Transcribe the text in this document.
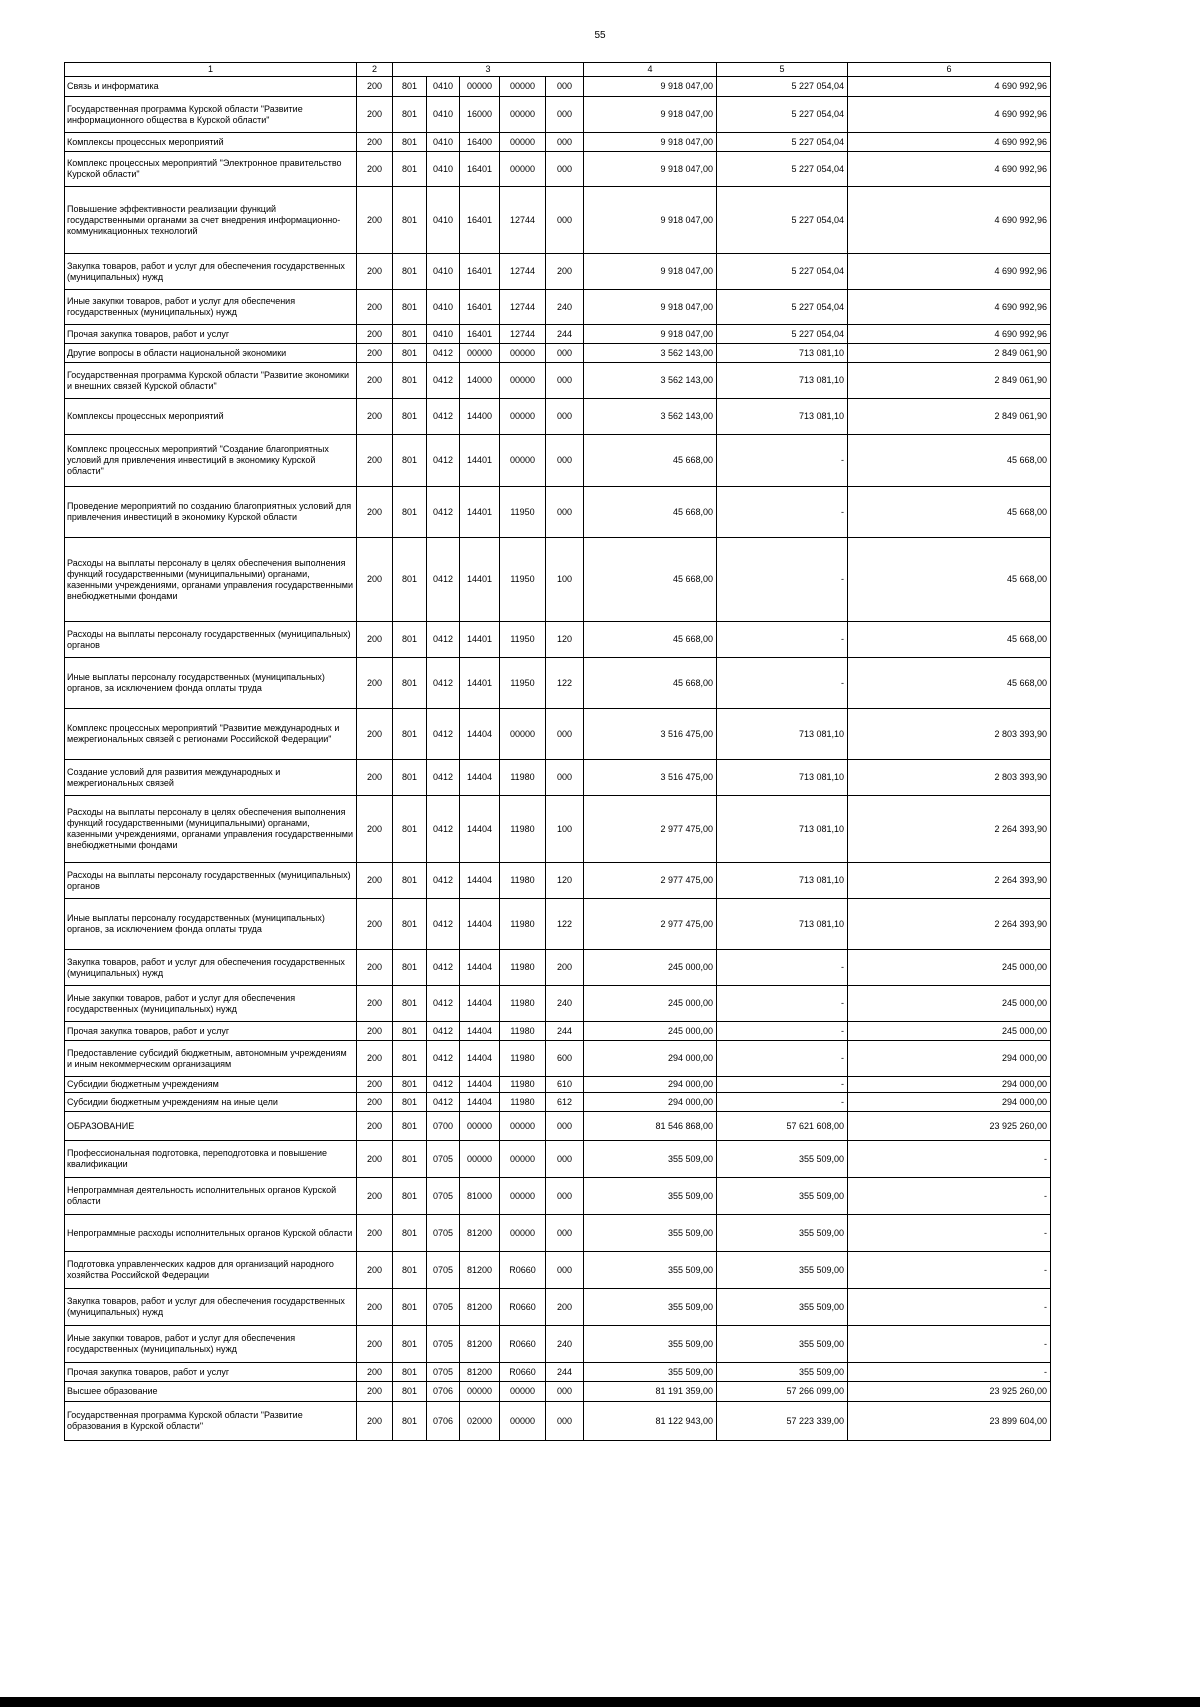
55
1	2	3					4	5	6
Связь и информатика	200	801	0410	00000	00000	000	9 918 047,00	5 227 054,04	4 690 992,96
Государственная программа Курской области "Развитие информационного общества в Курской области"	200	801	0410	16000	00000	000	9 918 047,00	5 227 054,04	4 690 992,96
Комплексы процессных мероприятий	200	801	0410	16400	00000	000	9 918 047,00	5 227 054,04	4 690 992,96
Комплекс процессных мероприятий "Электронное правительство Курской области"	200	801	0410	16401	00000	000	9 918 047,00	5 227 054,04	4 690 992,96
Повышение эффективности реализации функций государственными органами за счет внедрения информационно-коммуникационных технологий	200	801	0410	16401	12744	000	9 918 047,00	5 227 054,04	4 690 992,96
Закупка товаров, работ и услуг для обеспечения государственных (муниципальных) нужд	200	801	0410	16401	12744	200	9 918 047,00	5 227 054,04	4 690 992,96
Иные закупки товаров, работ и услуг для обеспечения государственных (муниципальных) нужд	200	801	0410	16401	12744	240	9 918 047,00	5 227 054,04	4 690 992,96
Прочая закупка товаров, работ и услуг	200	801	0410	16401	12744	244	9 918 047,00	5 227 054,04	4 690 992,96
Другие вопросы в области национальной экономики	200	801	0412	00000	00000	000	3 562 143,00	713 081,10	2 849 061,90
Государственная программа Курской области "Развитие экономики и внешних связей Курской области"	200	801	0412	14000	00000	000	3 562 143,00	713 081,10	2 849 061,90
Комплексы процессных мероприятий	200	801	0412	14400	00000	000	3 562 143,00	713 081,10	2 849 061,90
Комплекс процессных мероприятий "Создание благоприятных условий для привлечения инвестиций в экономику Курской области"	200	801	0412	14401	00000	000	45 668,00	-	45 668,00
Проведение мероприятий по созданию благоприятных условий для привлечения инвестиций в экономику Курской области	200	801	0412	14401	11950	000	45 668,00	-	45 668,00
Расходы на выплаты персоналу в целях обеспечения выполнения функций государственными (муниципальными) органами, казенными учреждениями, органами управления государственными внебюджетными фондами	200	801	0412	14401	11950	100	45 668,00	-	45 668,00
Расходы на выплаты персоналу государственных (муниципальных) органов	200	801	0412	14401	11950	120	45 668,00	-	45 668,00
Иные выплаты персоналу государственных (муниципальных) органов, за исключением фонда оплаты труда	200	801	0412	14401	11950	122	45 668,00	-	45 668,00
Комплекс процессных мероприятий "Развитие международных и межрегиональных связей с регионами Российской Федерации"	200	801	0412	14404	00000	000	3 516 475,00	713 081,10	2 803 393,90
Создание условий для развития международных и межрегиональных связей	200	801	0412	14404	11980	000	3 516 475,00	713 081,10	2 803 393,90
Расходы на выплаты персоналу в целях обеспечения выполнения функций государственными (муниципальными) органами, казенными учреждениями, органами управления государственными внебюджетными фондами	200	801	0412	14404	11980	100	2 977 475,00	713 081,10	2 264 393,90
Расходы на выплаты персоналу государственных (муниципальных) органов	200	801	0412	14404	11980	120	2 977 475,00	713 081,10	2 264 393,90
Иные выплаты персоналу государственных (муниципальных) органов, за исключением фонда оплаты труда	200	801	0412	14404	11980	122	2 977 475,00	713 081,10	2 264 393,90
Закупка товаров, работ и услуг для обеспечения государственных (муниципальных) нужд	200	801	0412	14404	11980	200	245 000,00	-	245 000,00
Иные закупки товаров, работ и услуг для обеспечения государственных (муниципальных) нужд	200	801	0412	14404	11980	240	245 000,00	-	245 000,00
Прочая закупка товаров, работ и услуг	200	801	0412	14404	11980	244	245 000,00	-	245 000,00
Предоставление субсидий бюджетным, автономным учреждениям и иным некоммерческим организациям	200	801	0412	14404	11980	600	294 000,00	-	294 000,00
Субсидии бюджетным учреждениям	200	801	0412	14404	11980	610	294 000,00	-	294 000,00
Субсидии бюджетным учреждениям на иные цели	200	801	0412	14404	11980	612	294 000,00	-	294 000,00
ОБРАЗОВАНИЕ	200	801	0700	00000	00000	000	81 546 868,00	57 621 608,00	23 925 260,00
Профессиональная подготовка, переподготовка и повышение квалификации	200	801	0705	00000	00000	000	355 509,00	355 509,00	-
Непрограммная деятельность исполнительных органов Курской области	200	801	0705	81000	00000	000	355 509,00	355 509,00	-
Непрограммные расходы исполнительных органов Курской области	200	801	0705	81200	00000	000	355 509,00	355 509,00	-
Подготовка управленческих кадров для организаций народного хозяйства Российской Федерации	200	801	0705	81200	R0660	000	355 509,00	355 509,00	-
Закупка товаров, работ и услуг для обеспечения государственных (муниципальных) нужд	200	801	0705	81200	R0660	200	355 509,00	355 509,00	-
Иные закупки товаров, работ и услуг для обеспечения государственных (муниципальных) нужд	200	801	0705	81200	R0660	240	355 509,00	355 509,00	-
Прочая закупка товаров, работ и услуг	200	801	0705	81200	R0660	244	355 509,00	355 509,00	-
Высшее образование	200	801	0706	00000	00000	000	81 191 359,00	57 266 099,00	23 925 260,00
Государственная программа Курской области "Развитие образования в Курской области"	200	801	0706	02000	00000	000	81 122 943,00	57 223 339,00	23 899 604,00
